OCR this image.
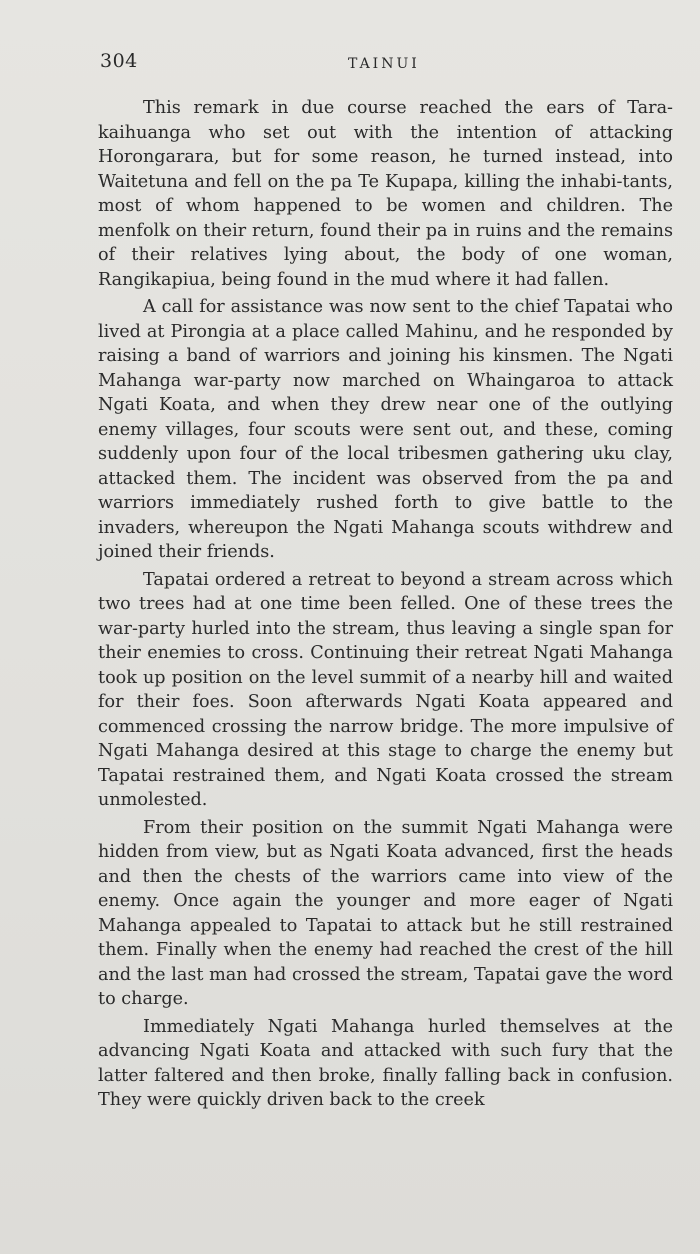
304	TAINUI

This remark in due course reached the ears of Tara-kaihuanga who set out with the intention of attacking Horongarara, but for some reason, he turned instead, into Waitetuna and fell on the pa Te Kupapa, killing the inhabi-tants, most of whom happened to be women and children. The menfolk on their return, found their pa in ruins and the remains of their relatives lying about, the body of one woman, Rangikapiua, being found in the mud where it had fallen.

A call for assistance was now sent to the chief Tapatai who lived at Pirongia at a place called Mahinu, and he responded by raising a band of warriors and joining his kinsmen. The Ngati Mahanga war-party now marched on Whaingaroa to attack Ngati Koata, and when they drew near one of the outlying enemy villages, four scouts were sent out, and these, coming suddenly upon four of the local tribesmen gathering uku clay, attacked them. The incident was observed from the pa and warriors immediately rushed forth to give battle to the invaders, whereupon the Ngati Mahanga scouts withdrew and joined their friends.

Tapatai ordered a retreat to beyond a stream across which two trees had at one time been felled. One of these trees the war-party hurled into the stream, thus leaving a single span for their enemies to cross. Continuing their retreat Ngati Mahanga took up position on the level summit of a nearby hill and waited for their foes. Soon afterwards Ngati Koata appeared and commenced crossing the narrow bridge. The more impulsive of Ngati Mahanga desired at this stage to charge the enemy but Tapatai restrained them, and Ngati Koata crossed the stream unmolested.

From their position on the summit Ngati Mahanga were hidden from view, but as Ngati Koata advanced, first the heads and then the chests of the warriors came into view of the enemy. Once again the younger and more eager of Ngati Mahanga appealed to Tapatai to attack but he still restrained them. Finally when the enemy had reached the crest of the hill and the last man had crossed the stream, Tapatai gave the word to charge.

Immediately Ngati Mahanga hurled themselves at the advancing Ngati Koata and attacked with such fury that the latter faltered and then broke, finally falling back in confusion. They were quickly driven back to the creek
